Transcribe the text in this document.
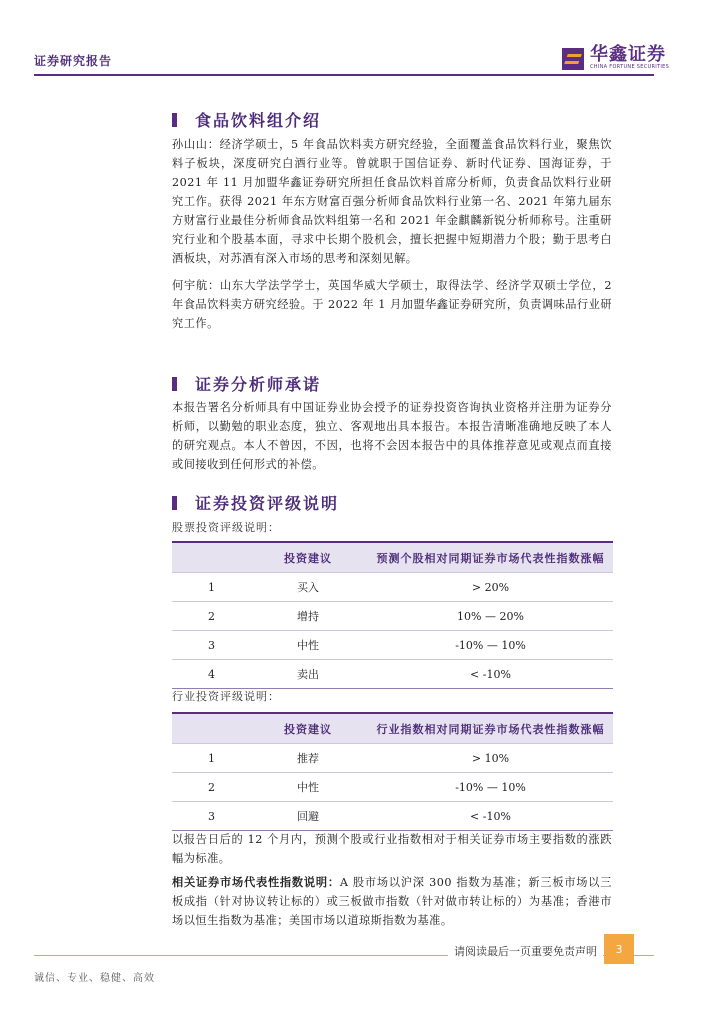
证券研究报告	华鑫证券
CHINA FORTUNE SECURITIES
食品饮料组介绍
孙山山：经济学硕士，5 年食品饮料卖方研究经验，全面覆盖食品饮料行业，聚焦饮料子板块，深度研究白酒行业等。曾就职于国信证券、新时代证券、国海证券，于 2021 年 11 月加盟华鑫证券研究所担任食品饮料首席分析师，负责食品饮料行业研究工作。获得 2021 年东方财富百强分析师食品饮料行业第一名、2021 年第九届东方财富行业最佳分析师食品饮料组第一名和 2021 年金麒麟新锐分析师称号。注重研究行业和个股基本面，寻求中长期个股机会，擅长把握中短期潜力个股；勤于思考白酒板块，对苏酒有深入市场的思考和深刻见解。
何宇航：山东大学法学学士，英国华威大学硕士，取得法学、经济学双硕士学位，2 年食品饮料卖方研究经验。于 2022 年 1 月加盟华鑫证券研究所，负责调味品行业研究工作。
证券分析师承诺
本报告署名分析师具有中国证券业协会授予的证券投资咨询执业资格并注册为证券分析师，以勤勉的职业态度，独立、客观地出具本报告。本报告清晰准确地反映了本人的研究观点。本人不曾因，不因，也将不会因本报告中的具体推荐意见或观点而直接或间接收到任何形式的补偿。
证券投资评级说明
股票投资评级说明：
	投资建议	预测个股相对同期证券市场代表性指数涨幅
1	买入	> 20%
2	增持	10% — 20%
3	中性	-10% — 10%
4	卖出	< -10%
行业投资评级说明：
	投资建议	行业指数相对同期证券市场代表性指数涨幅
1	推荐	> 10%
2	中性	-10% — 10%
3	回避	< -10%
以报告日后的 12 个月内，预测个股或行业指数相对于相关证券市场主要指数的涨跌幅为标准。
相关证券市场代表性指数说明：A 股市场以沪深 300 指数为基准；新三板市场以三板成指（针对协议转让标的）或三板做市指数（针对做市转让标的）为基准；香港市场以恒生指数为基准；美国市场以道琼斯指数为基准。
请阅读最后一页重要免责声明	3
诚信、专业、稳健、高效
